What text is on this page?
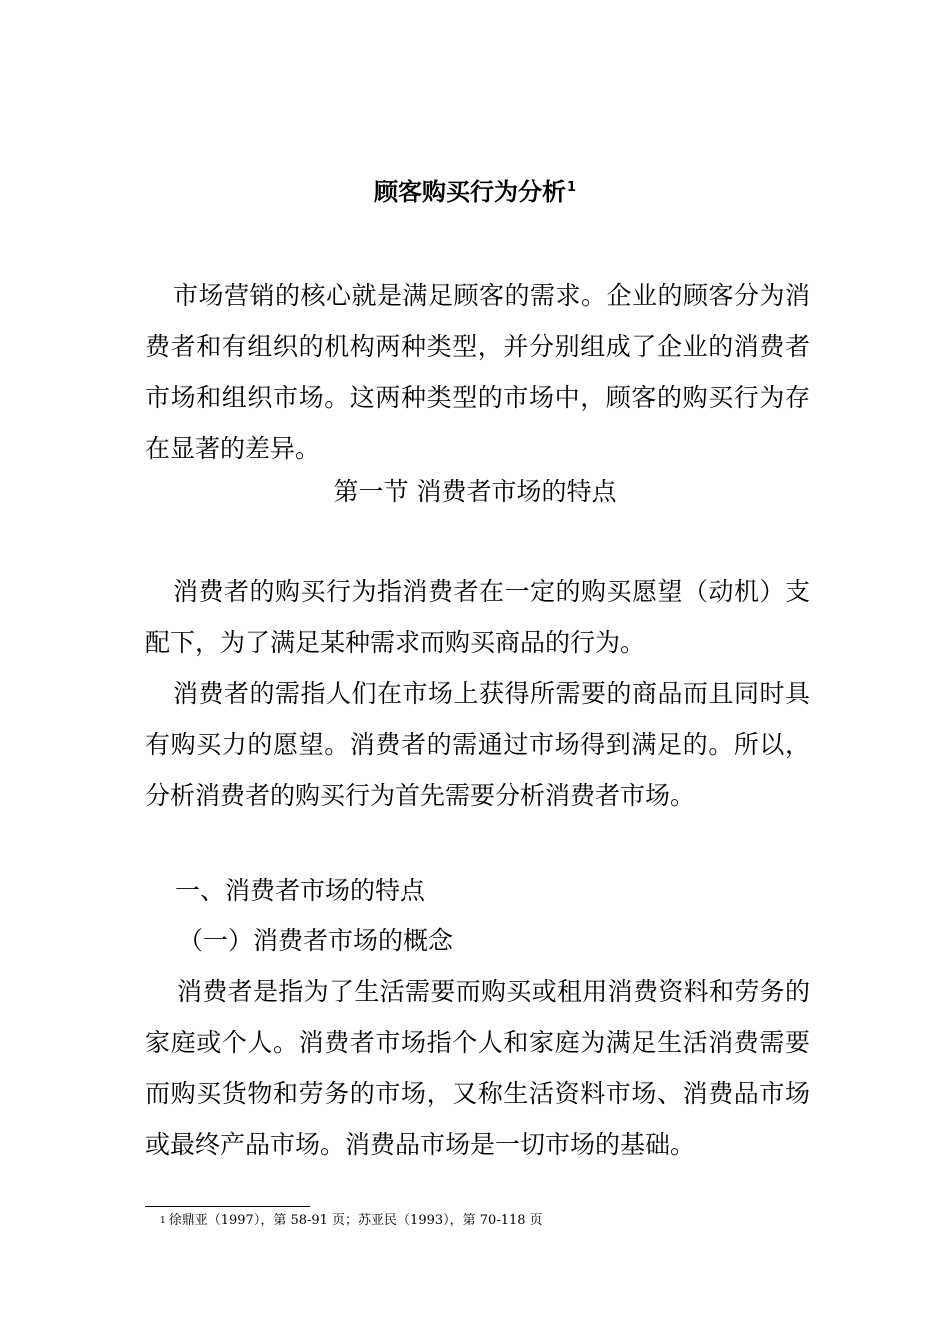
顾客购买行为分析$^1$

市场营销的核心就是满足顾客的需求。企业的顾客分为消费者和有组织的机构两种类型，并分别组成了企业的消费者市场和组织市场。这两种类型的市场中，顾客的购买行为存在显著的差异。

第一节 消费者市场的特点

消费者的购买行为指消费者在一定的购买愿望（动机）支配下，为了满足某种需求而购买商品的行为。

消费者的需指人们在市场上获得所需要的商品而且同时具有购买力的愿望。消费者的需通过市场得到满足的。所以，分析消费者的购买行为首先需要分析消费者市场。

一、消费者市场的特点
（一）消费者市场的概念

消费者是指为了生活需要而购买或租用消费资料和劳务的家庭或个人。消费者市场指个人和家庭为满足生活消费需要而购买货物和劳务的市场，又称生活资料市场、消费品市场或最终产品市场。消费品市场是一切市场的基础。

$^1$ 徐鼎亚（1997），第 58-91 页；苏亚民（1993），第 70-118 页
